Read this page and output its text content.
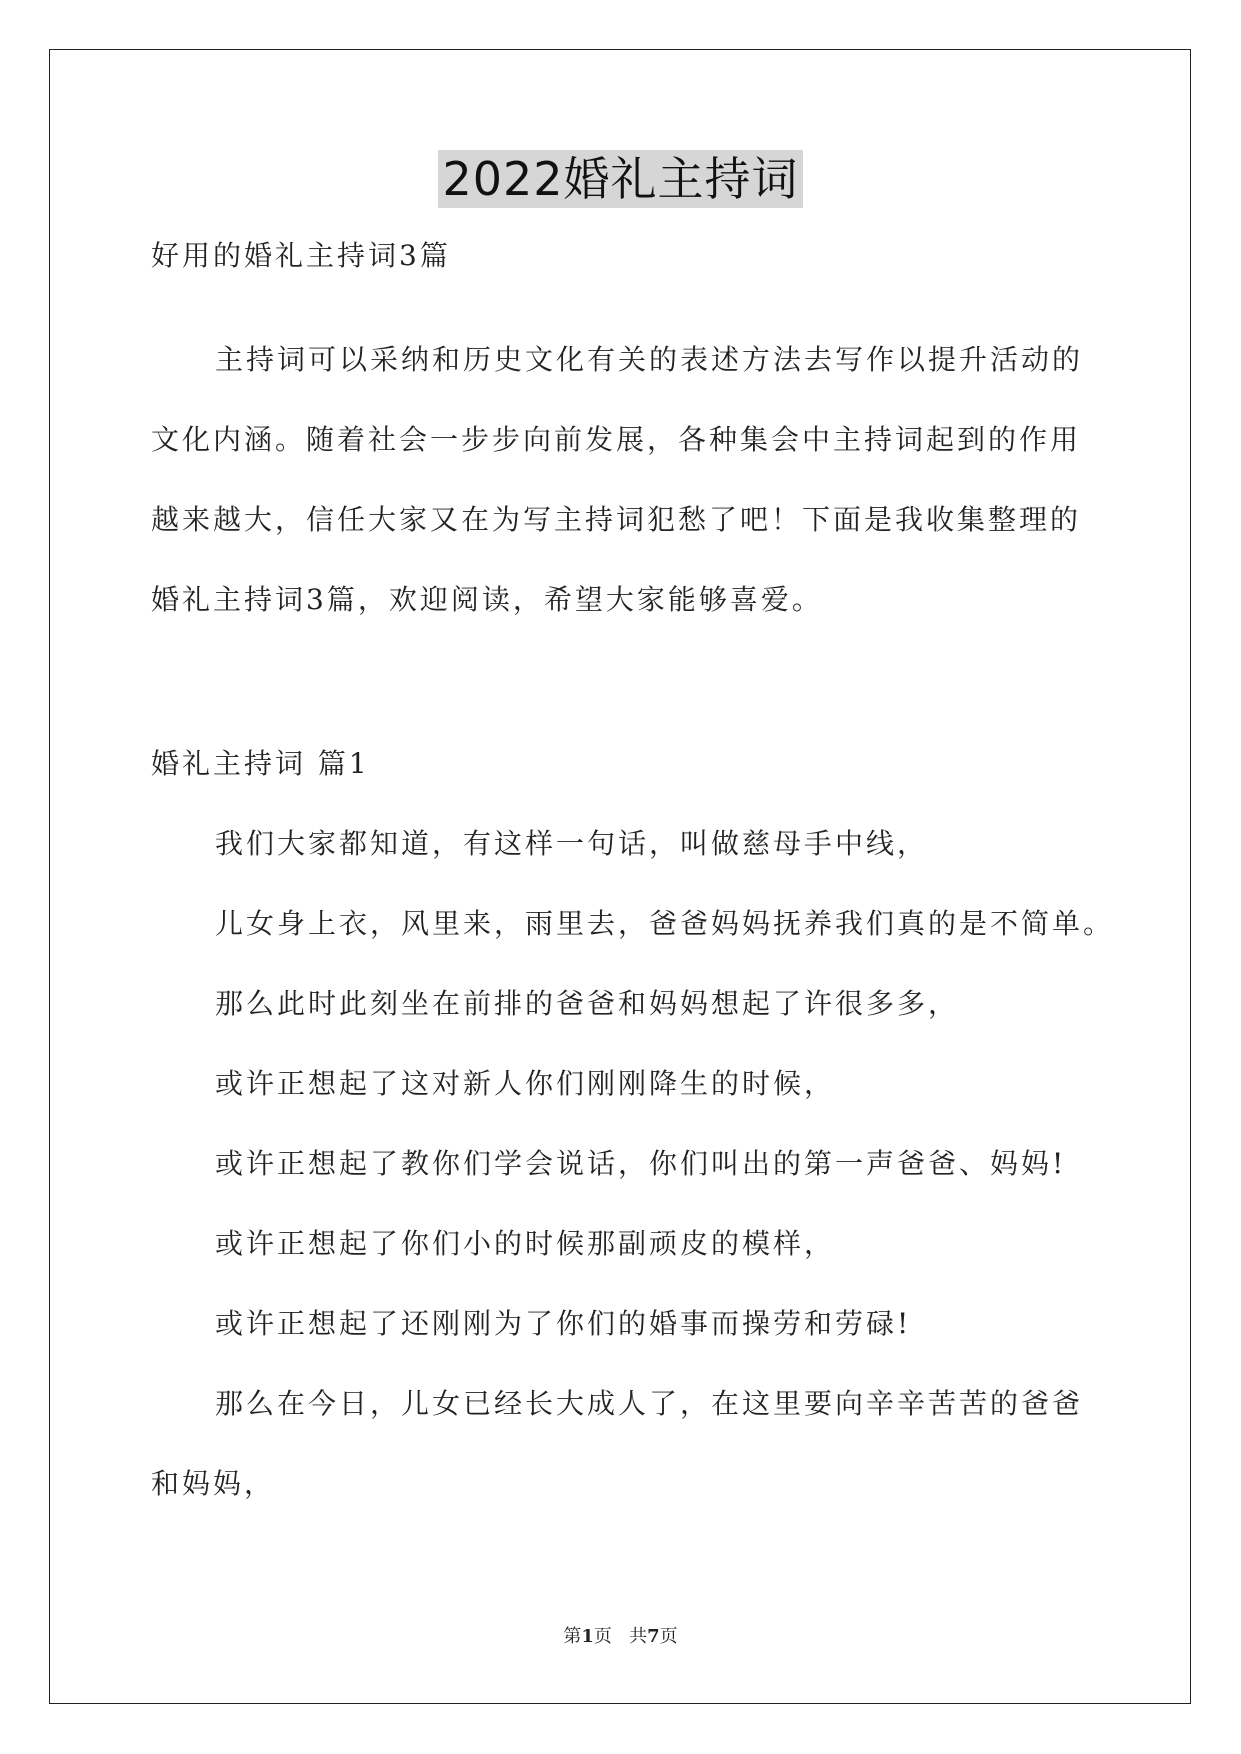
2022婚礼主持词
好用的婚礼主持词3篇
主持词可以采纳和历史文化有关的表述方法去写作以提升活动的
文化内涵。随着社会一步步向前发展，各种集会中主持词起到的作用
越来越大，信任大家又在为写主持词犯愁了吧！下面是我收集整理的
婚礼主持词3篇，欢迎阅读，希望大家能够喜爱。
婚礼主持词 篇1
我们大家都知道，有这样一句话，叫做慈母手中线，
儿女身上衣，风里来，雨里去，爸爸妈妈抚养我们真的是不简单。
那么此时此刻坐在前排的爸爸和妈妈想起了许很多多，
或许正想起了这对新人你们刚刚降生的时候，
或许正想起了教你们学会说话，你们叫出的第一声爸爸、妈妈!
或许正想起了你们小的时候那副顽皮的模样，
或许正想起了还刚刚为了你们的婚事而操劳和劳碌!
那么在今日，儿女已经长大成人了，在这里要向辛辛苦苦的爸爸
和妈妈，
第1页   共7页
